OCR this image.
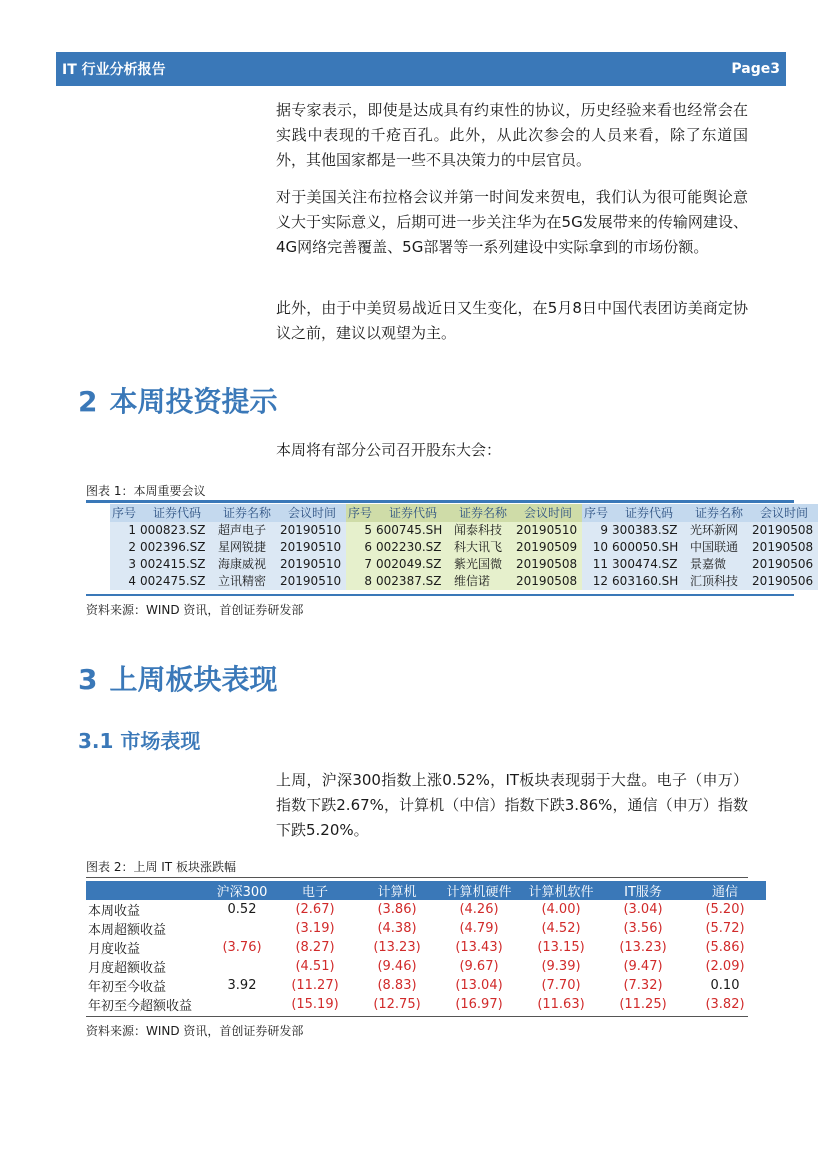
IT 行业分析报告	Page3

据专家表示，即使是达成具有约束性的协议，历史经验来看也经常会在实践中表现的千疮百孔。此外，从此次参会的人员来看，除了东道国外，其他国家都是一些不具决策力的中层官员。

对于美国关注布拉格会议并第一时间发来贺电，我们认为很可能舆论意义大于实际意义，后期可进一步关注华为在5G发展带来的传输网建设、4G网络完善覆盖、5G部署等一系列建设中实际拿到的市场份额。

此外，由于中美贸易战近日又生变化，在5月8日中国代表团访美商定协议之前，建议以观望为主。

2 本周投资提示

本周将有部分公司召开股东大会：

图表 1：本周重要会议

序号	证券代码	证券名称	会议时间	序号	证券代码	证券名称	会议时间	序号	证券代码	证券名称	会议时间
1	000823.SZ	超声电子	20190510	5	600745.SH	闻泰科技	20190510	9	300383.SZ	光环新网	20190508
2	002396.SZ	星网锐捷	20190510	6	002230.SZ	科大讯飞	20190509	10	600050.SH	中国联通	20190508
3	002415.SZ	海康威视	20190510	7	002049.SZ	紫光国微	20190508	11	300474.SZ	景嘉微	20190506
4	002475.SZ	立讯精密	20190510	8	002387.SZ	维信诺	20190508	12	603160.SH	汇顶科技	20190506

资料来源：WIND 资讯，首创证券研发部

3 上周板块表现
3.1 市场表现

上周，沪深300指数上涨0.52%，IT板块表现弱于大盘。电子（申万）指数下跌2.67%，计算机（中信）指数下跌3.86%，通信（申万）指数下跌5.20%。

图表 2：上周 IT 板块涨跌幅

	沪深300	电子	计算机	计算机硬件	计算机软件	IT服务	通信
本周收益	0.52	(2.67)	(3.86)	(4.26)	(4.00)	(3.04)	(5.20)
本周超额收益		(3.19)	(4.38)	(4.79)	(4.52)	(3.56)	(5.72)
月度收益	(3.76)	(8.27)	(13.23)	(13.43)	(13.15)	(13.23)	(5.86)
月度超额收益		(4.51)	(9.46)	(9.67)	(9.39)	(9.47)	(2.09)
年初至今收益	3.92	(11.27)	(8.83)	(13.04)	(7.70)	(7.32)	0.10
年初至今超额收益		(15.19)	(12.75)	(16.97)	(11.63)	(11.25)	(3.82)

资料来源：WIND 资讯，首创证券研发部
